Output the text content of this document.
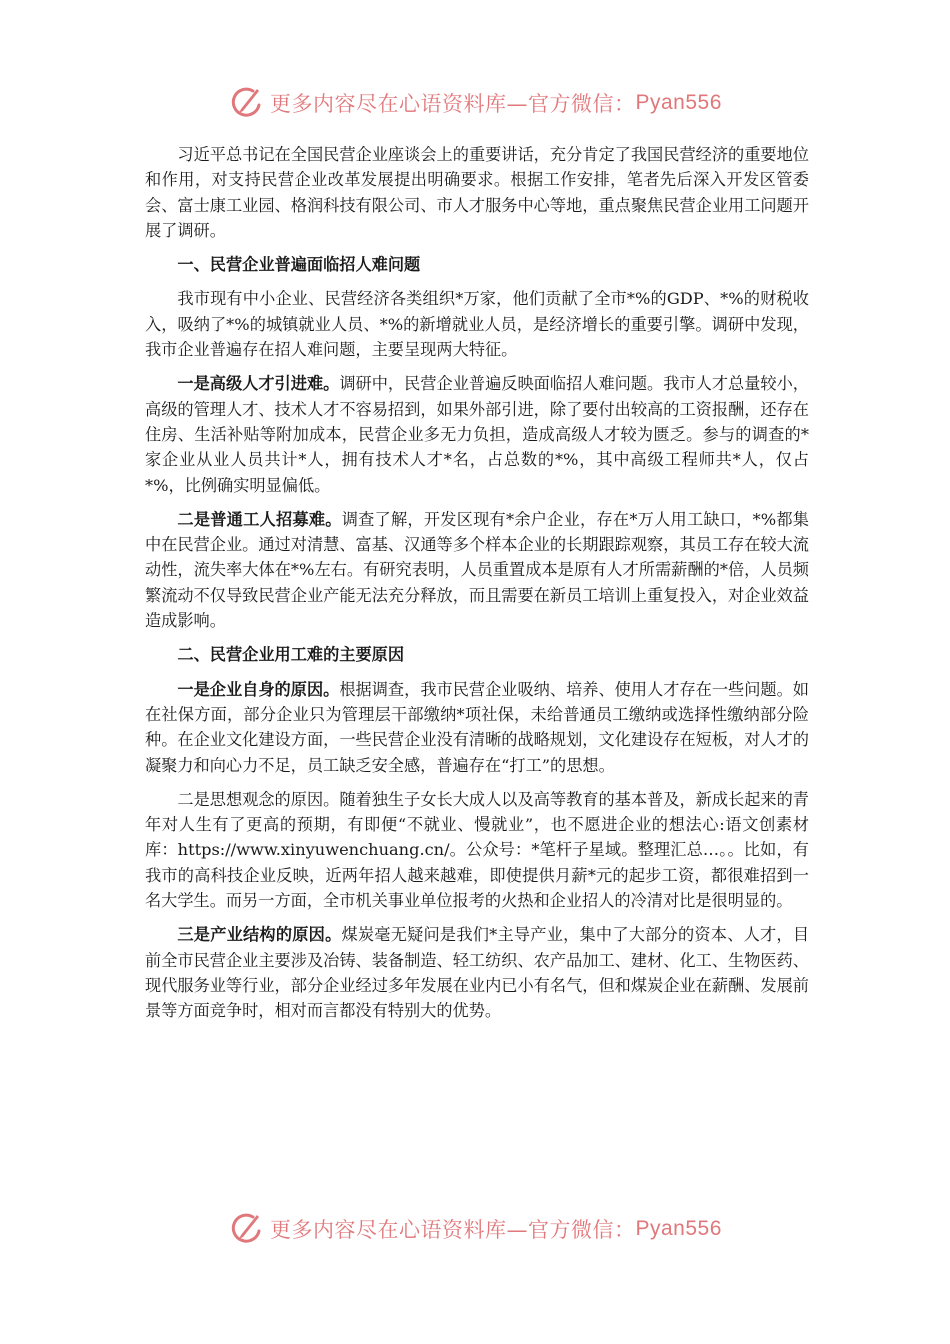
更多内容尽在心语资料库—官方微信： Pyan556

习近平总书记在全国民营企业座谈会上的重要讲话，充分肯定了我国民营经济的重要地位和作用，对支持民营企业改革发展提出明确要求。根据工作安排，笔者先后深入开发区管委会、富士康工业园、格润科技有限公司、市人才服务中心等地，重点聚焦民营企业用工问题开展了调研。

一、民营企业普遍面临招人难问题

我市现有中小企业、民营经济各类组织*万家，他们贡献了全市*%的GDP、*%的财税收入，吸纳了*%的城镇就业人员、*%的新增就业人员，是经济增长的重要引擎。调研中发现，我市企业普遍存在招人难问题，主要呈现两大特征。

一是高级人才引进难。调研中，民营企业普遍反映面临招人难问题。我市人才总量较小，高级的管理人才、技术人才不容易招到，如果外部引进，除了要付出较高的工资报酬，还存在住房、生活补贴等附加成本，民营企业多无力负担，造成高级人才较为匮乏。参与的调查的*家企业从业人员共计*人，拥有技术人才*名，占总数的*%，其中高级工程师共*人，仅占*%，比例确实明显偏低。

二是普通工人招募难。调查了解，开发区现有*余户企业，存在*万人用工缺口，*%都集中在民营企业。通过对清慧、富基、汉通等多个样本企业的长期跟踪观察，其员工存在较大流动性，流失率大体在*%左右。有研究表明，人员重置成本是原有人才所需薪酬的*倍，人员频繁流动不仅导致民营企业产能无法充分释放，而且需要在新员工培训上重复投入，对企业效益造成影响。

二、民营企业用工难的主要原因

一是企业自身的原因。根据调查，我市民营企业吸纳、培养、使用人才存在一些问题。如在社保方面，部分企业只为管理层干部缴纳*项社保，未给普通员工缴纳或选择性缴纳部分险种。在企业文化建设方面，一些民营企业没有清晰的战略规划，文化建设存在短板，对人才的凝聚力和向心力不足，员工缺乏安全感，普遍存在“打工”的思想。

二是思想观念的原因。随着独生子女长大成人以及高等教育的基本普及，新成长起来的青年对人生有了更高的预期，有即便“不就业、慢就业”，也不愿进企业的想法心:语文创素材库：https://www.xinyuwenchuang.cn/。公众号：*笔杆子星域。整理汇总…。。比如，有我市的高科技企业反映，近两年招人越来越难，即使提供月薪*元的起步工资，都很难招到一名大学生。而另一方面，全市机关事业单位报考的火热和企业招人的冷清对比是很明显的。

三是产业结构的原因。煤炭毫无疑问是我们*主导产业，集中了大部分的资本、人才，目前全市民营企业主要涉及冶铸、装备制造、轻工纺织、农产品加工、建材、化工、生物医药、现代服务业等行业，部分企业经过多年发展在业内已小有名气，但和煤炭企业在薪酬、发展前景等方面竞争时，相对而言都没有特别大的优势。

更多内容尽在心语资料库—官方微信： Pyan556
